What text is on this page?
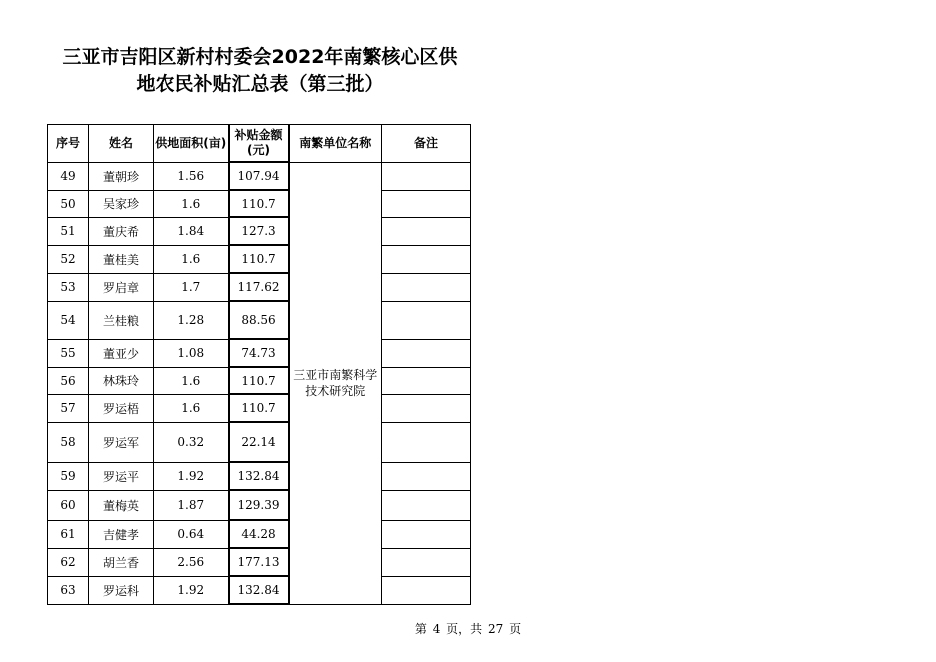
三亚市吉阳区新村村委会2022年南繁核心区供
地农民补贴汇总表（第三批）
序号	姓名	供地面积(亩)	补贴金额(元)	南繁单位名称	备注
49	董朝珍	1.56	107.94	三亚市南繁科学技术研究院	
50	吴家珍	1.6	110.7		
51	董庆希	1.84	127.3		
52	董桂美	1.6	110.7		
53	罗启章	1.7	117.62		
54	兰桂粮	1.28	88.56		
55	董亚少	1.08	74.73		
56	林珠玲	1.6	110.7		
57	罗运梧	1.6	110.7		
58	罗运军	0.32	22.14		
59	罗运平	1.92	132.84		
60	董梅英	1.87	129.39		
61	吉健孝	0.64	44.28		
62	胡兰香	2.56	177.13		
63	罗运科	1.92	132.84		
第 4 页，共 27 页
